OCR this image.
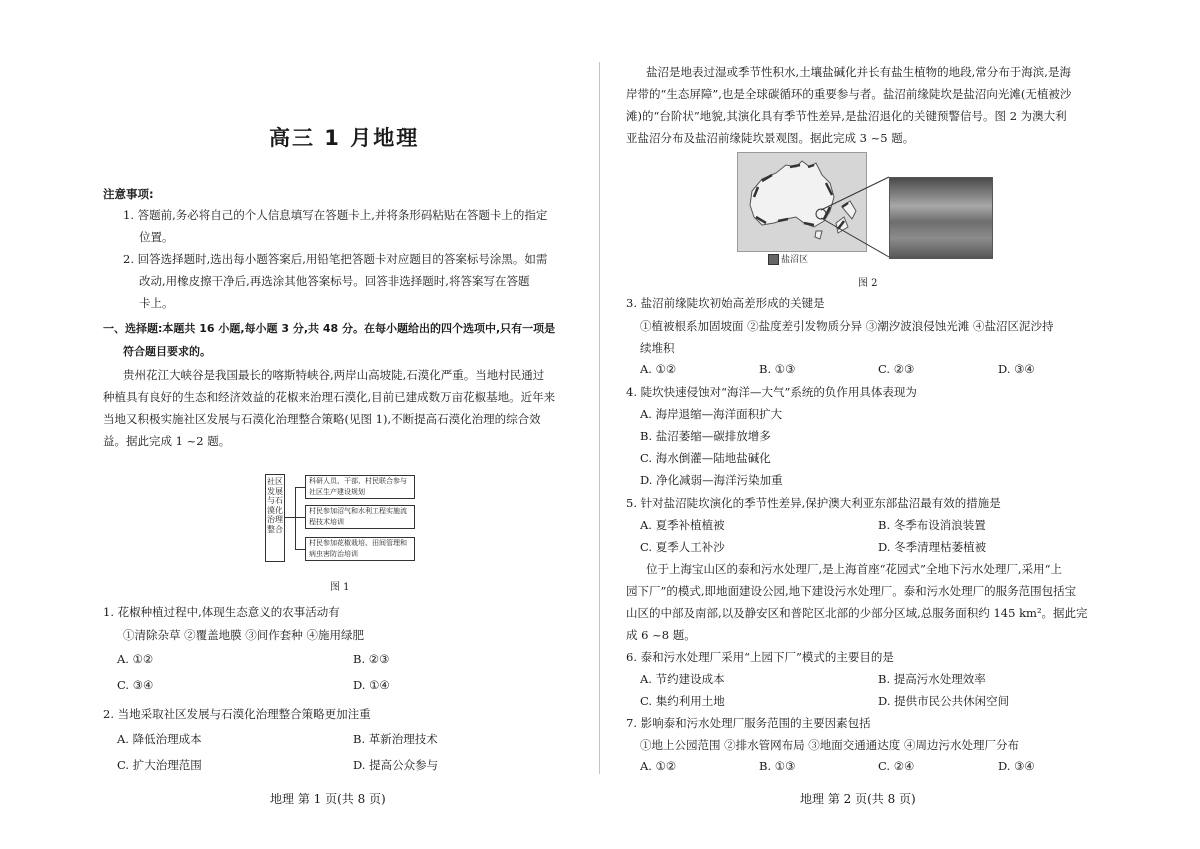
高三 1 月地理
注意事项:
1. 答题前,务必将自己的个人信息填写在答题卡上,并将条形码粘贴在答题卡上的指定
位置。
2. 回答选择题时,选出每小题答案后,用铅笔把答题卡对应题目的答案标号涂黑。如需
改动,用橡皮擦干净后,再选涂其他答案标号。回答非选择题时,将答案写在答题
卡上。
一、选择题:本题共 16 小题,每小题 3 分,共 48 分。在每小题给出的四个选项中,只有一项是
符合题目要求的。
贵州花江大峡谷是我国最长的喀斯特峡谷,两岸山高坡陡,石漠化严重。当地村民通过
种植具有良好的生态和经济效益的花椒来治理石漠化,目前已建成数万亩花椒基地。近年来
当地又积极实施社区发展与石漠化治理整合策略(见图 1),不断提高石漠化治理的综合效
益。据此完成 1 ~2 题。
社区发展与石漠化治理整合
科研人员、干部、村民联合参与社区生产建设规划
村民参加沼气和水利工程实施流程技术培训
村民参加花椒栽培、田间管理和病虫害防治培训
图 1
1. 花椒种植过程中,体现生态意义的农事活动有
①清除杂草 ②覆盖地膜 ③间作套种 ④施用绿肥
A. ①②	B. ②③
C. ③④	D. ①④
2. 当地采取社区发展与石漠化治理整合策略更加注重
A. 降低治理成本	B. 革新治理技术
C. 扩大治理范围	D. 提高公众参与
地理 第 1 页(共 8 页)
盐沼是地表过湿或季节性积水,土壤盐碱化并长有盐生植物的地段,常分布于海滨,是海
岸带的“生态屏障”,也是全球碳循环的重要参与者。盐沼前缘陡坎是盐沼向光滩(无植被沙
滩)的“台阶状”地貌,其演化具有季节性差异,是盐沼退化的关键预警信号。图 2 为澳大利
亚盐沼分布及盐沼前缘陡坎景观图。据此完成 3 ~5 题。
盐沼区
图 2
3. 盐沼前缘陡坎初始高差形成的关键是
①植被根系加固坡面 ②盐度差引发物质分异 ③潮汐波浪侵蚀光滩 ④盐沼区泥沙持
续堆积
A. ①②	B. ①③	C. ②③	D. ③④
4. 陡坎快速侵蚀对“海洋—大气”系统的负作用具体表现为
A. 海岸退缩—海洋面积扩大
B. 盐沼萎缩—碳排放增多
C. 海水倒灌—陆地盐碱化
D. 净化减弱—海洋污染加重
5. 针对盐沼陡坎演化的季节性差异,保护澳大利亚东部盐沼最有效的措施是
A. 夏季补植植被	B. 冬季布设消浪装置
C. 夏季人工补沙	D. 冬季清理枯萎植被
位于上海宝山区的泰和污水处理厂,是上海首座“花园式”全地下污水处理厂,采用“上
园下厂”的模式,即地面建设公园,地下建设污水处理厂。泰和污水处理厂的服务范围包括宝
山区的中部及南部,以及静安区和普陀区北部的少部分区域,总服务面积约 145 km²。据此完
成 6 ~8 题。
6. 泰和污水处理厂采用“上园下厂”模式的主要目的是
A. 节约建设成本	B. 提高污水处理效率
C. 集约利用土地	D. 提供市民公共休闲空间
7. 影响泰和污水处理厂服务范围的主要因素包括
①地上公园范围 ②排水管网布局 ③地面交通通达度 ④周边污水处理厂分布
A. ①②	B. ①③	C. ②④	D. ③④
地理 第 2 页(共 8 页)
